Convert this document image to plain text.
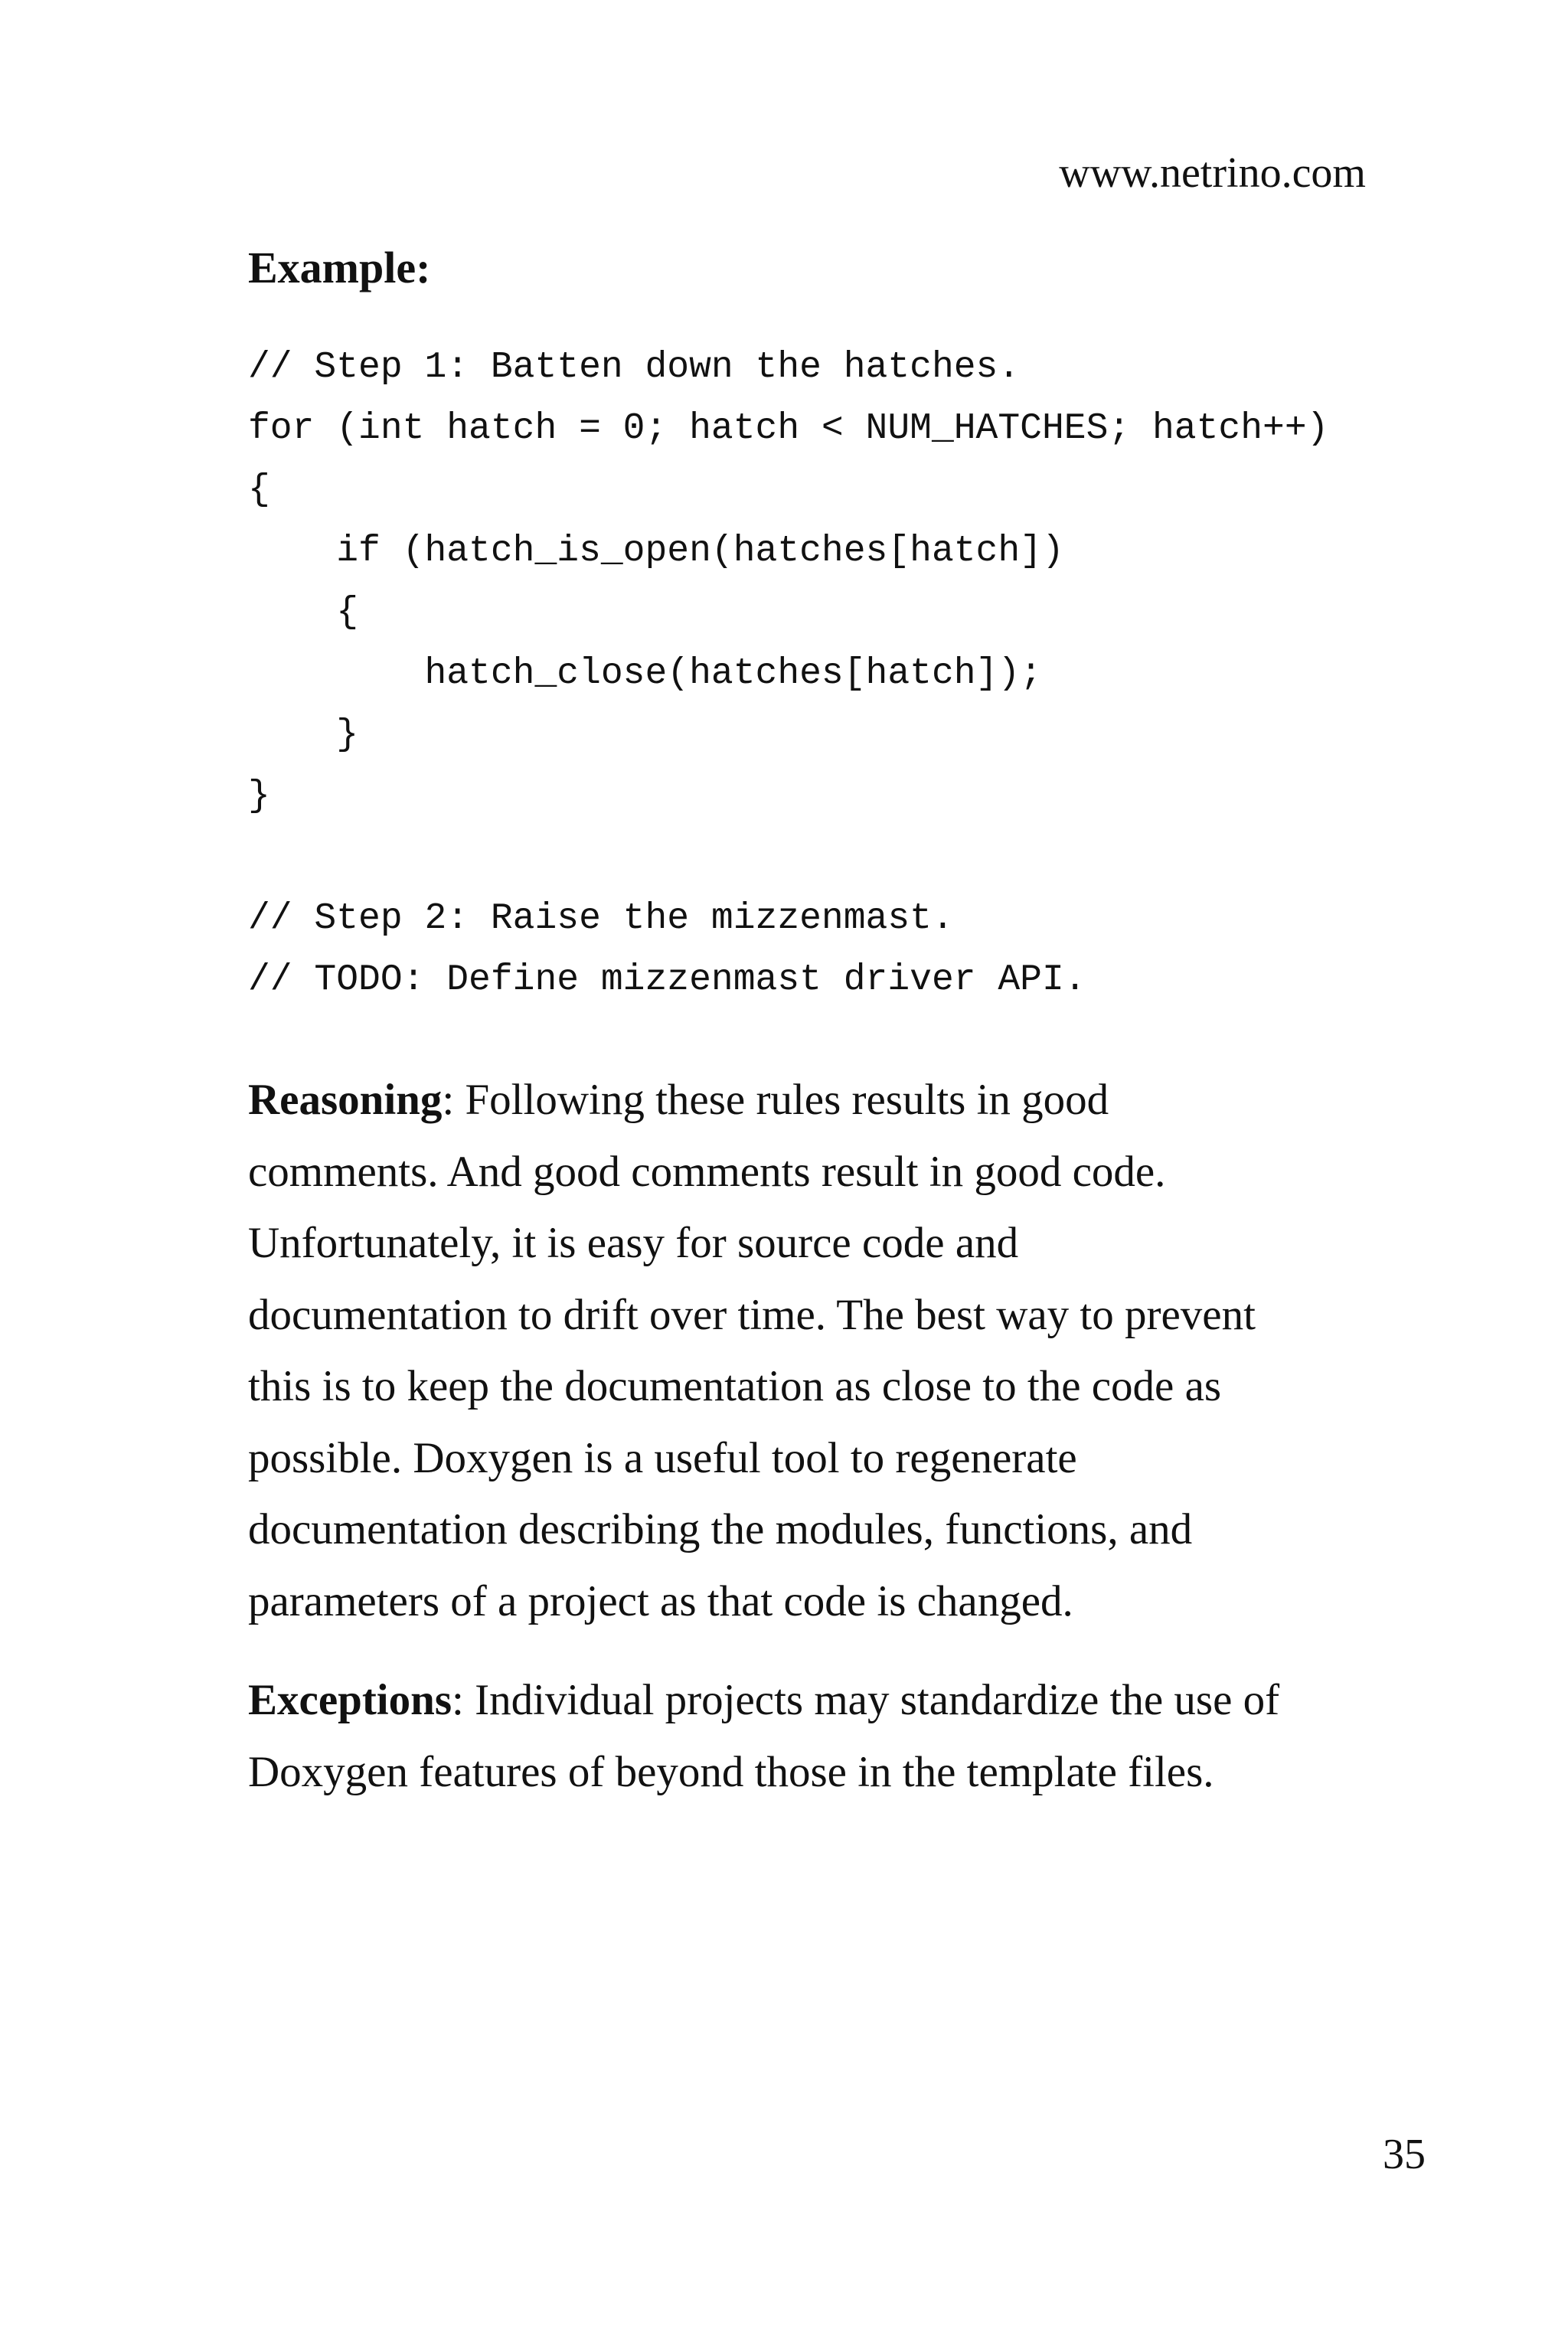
www.netrino.com
Example:
// Step 1: Batten down the hatches.
for (int hatch = 0; hatch < NUM_HATCHES; hatch++)
{
if (hatch_is_open(hatches[hatch])
{
hatch_close(hatches[hatch]);
}
}
// Step 2: Raise the mizzenmast.
// TODO: Define mizzenmast driver API.

Reasoning: Following these rules results in good
comments. And good comments result in good code.
Unfortunately, it is easy for source code and
documentation to drift over time. The best way to prevent
this is to keep the documentation as close to the code as
possible. Doxygen is a useful tool to regenerate
documentation describing the modules, functions, and
parameters of a project as that code is changed.

Exceptions: Individual projects may standardize the use of
Doxygen features of beyond those in the template files.

35
